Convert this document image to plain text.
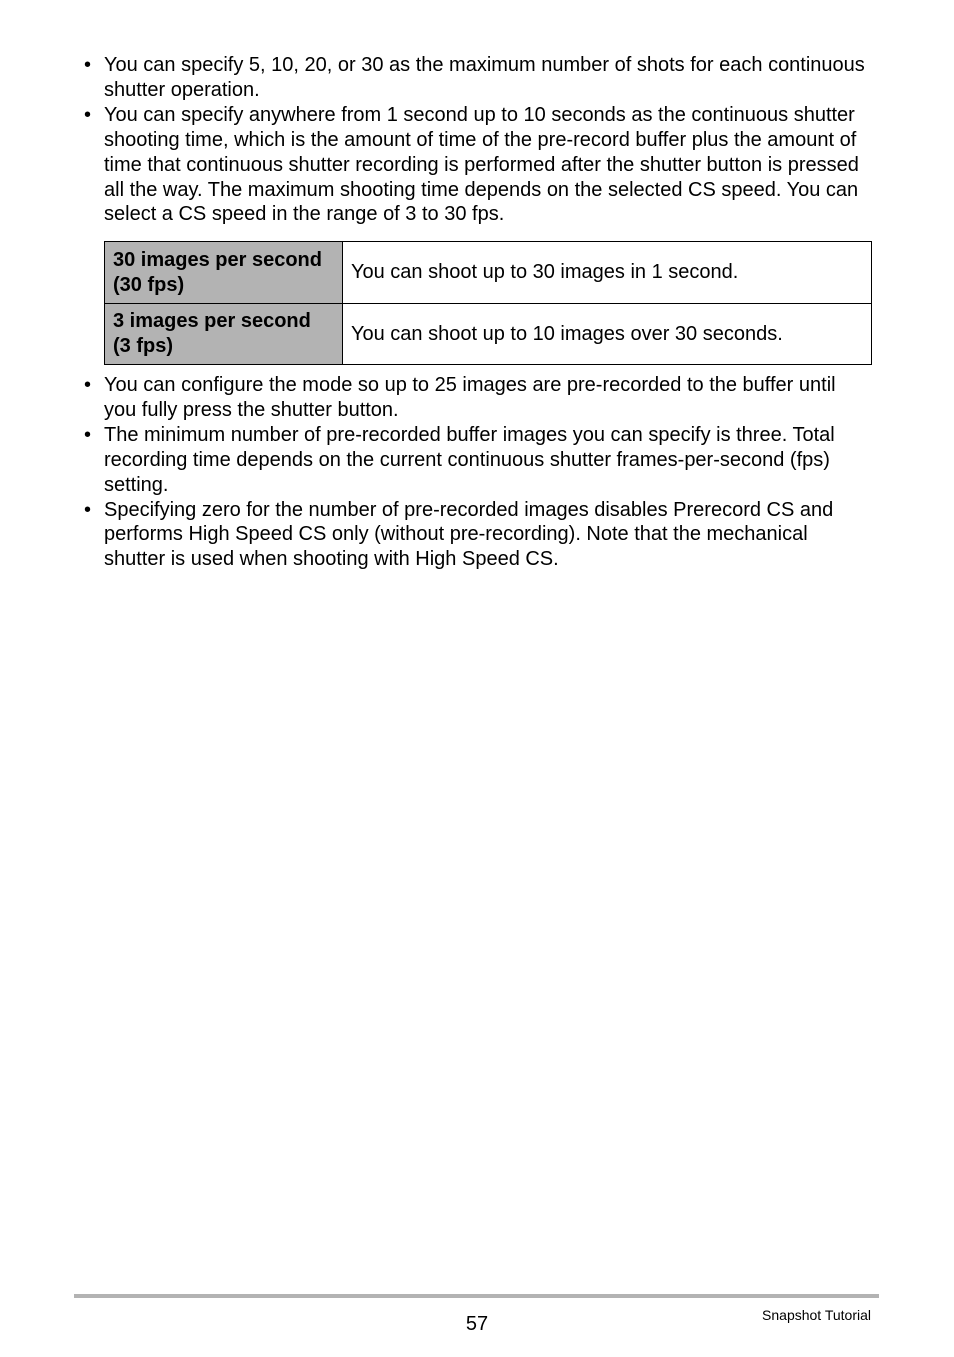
• You can specify 5, 10, 20, or 30 as the maximum number of shots for each continuous shutter operation.
• You can specify anywhere from 1 second up to 10 seconds as the continuous shutter shooting time, which is the amount of time of the pre-record buffer plus the amount of time that continuous shutter recording is performed after the shutter button is pressed all the way. The maximum shooting time depends on the selected CS speed. You can select a CS speed in the range of 3 to 30 fps.
30 images per second
(30 fps)	You can shoot up to 30 images in 1 second.
3 images per second
(3 fps)	You can shoot up to 10 images over 30 seconds.
• You can configure the mode so up to 25 images are pre-recorded to the buffer until you fully press the shutter button.
• The minimum number of pre-recorded buffer images you can specify is three. Total recording time depends on the current continuous shutter frames-per-second (fps) setting.
• Specifying zero for the number of pre-recorded images disables Prerecord CS and performs High Speed CS only (without pre-recording). Note that the mechanical shutter is used when shooting with High Speed CS.
57	Snapshot Tutorial
